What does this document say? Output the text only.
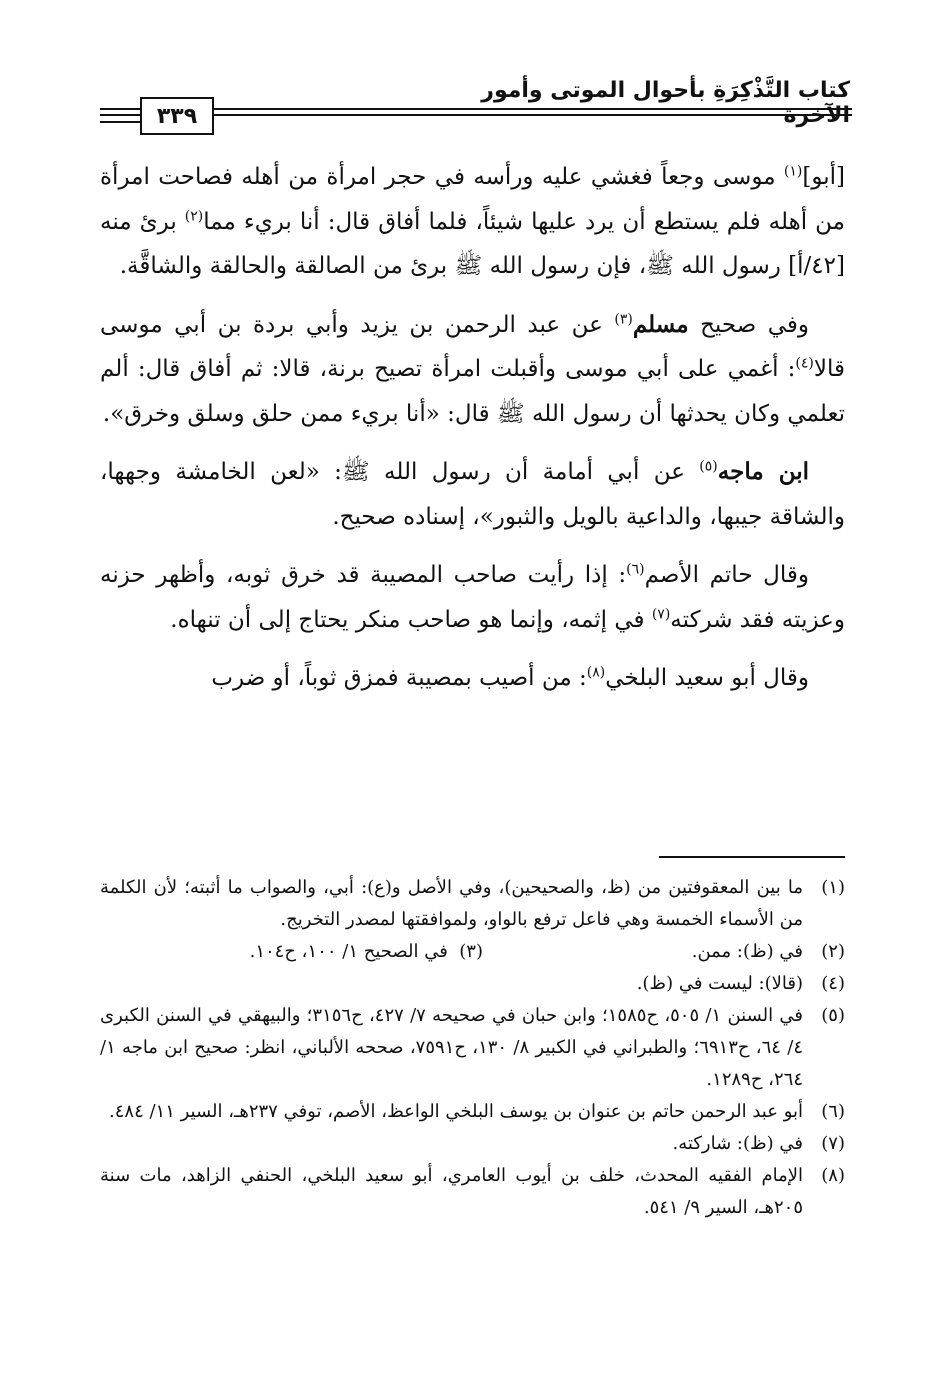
كتاب التَّذْكِرَةِ بأحوال الموتى وأمور الآخرة
٣٣٩

[أبو]$^{(١)}$ موسى وجعاً فغشي عليه ورأسه في حجر امرأة من أهله فصاحت امرأة من أهله فلم يستطع أن يرد عليها شيئاً، فلما أفاق قال: أنا بريء مما$^{(٢)}$ برئ منه [٤٢/أ] رسول الله ﷺ، فإن رسول الله ﷺ برئ من الصالقة والحالقة والشاقَّة.

وفي صحيح مسلم$^{(٣)}$ عن عبد الرحمن بن يزيد وأبي بردة بن أبي موسى قالا$^{(٤)}$: أغمي على أبي موسى وأقبلت امرأة تصيح برنة، قالا: ثم أفاق قال: ألم تعلمي وكان يحدثها أن رسول الله ﷺ قال: «أنا بريء ممن حلق وسلق وخرق».

ابن ماجه$^{(٥)}$ عن أبي أمامة أن رسول الله ﷺ: «لعن الخامشة وجهها، والشاقة جيبها، والداعية بالويل والثبور»، إسناده صحيح.

وقال حاتم الأصم$^{(٦)}$: إذا رأيت صاحب المصيبة قد خرق ثوبه، وأظهر حزنه وعزيته فقد شركته$^{(٧)}$ في إثمه، وإنما هو صاحب منكر يحتاج إلى أن تنهاه.

وقال أبو سعيد البلخي$^{(٨)}$: من أصيب بمصيبة فمزق ثوباً، أو ضرب

(١)
ما بين المعقوفتين من (ظ، والصحيحين)، وفي الأصل و(ع): أبي، والصواب ما أثبته؛ لأن الكلمة من الأسماء الخمسة وهي فاعل ترفع بالواو، ولموافقتها لمصدر التخريج.
(٢)
في (ظ): ممن.(٣)  في الصحيح ١/ ١٠٠، ح١٠٤.
(٤)
(قالا): ليست في (ظ).
(٥)
في السنن ١/ ٥٠٥، ح١٥٨٥؛ وابن حبان في صحيحه ٧/ ٤٢٧، ح٣١٥٦؛ والبيهقي في السنن الكبرى ٤/ ٦٤، ح٦٩١٣؛ والطبراني في الكبير ٨/ ١٣٠، ح٧٥٩١، صححه الألباني، انظر: صحيح ابن ماجه ١/ ٢٦٤، ح١٢٨٩.
(٦)
أبو عبد الرحمن حاتم بن عنوان بن يوسف البلخي الواعظ، الأصم، توفي ٢٣٧هـ، السير ١١/ ٤٨٤.
(٧)
في (ظ): شاركته.
(٨)
الإمام الفقيه المحدث، خلف بن أيوب العامري، أبو سعيد البلخي، الحنفي الزاهد، مات سنة ٢٠٥هـ، السير ٩/ ٥٤١.
